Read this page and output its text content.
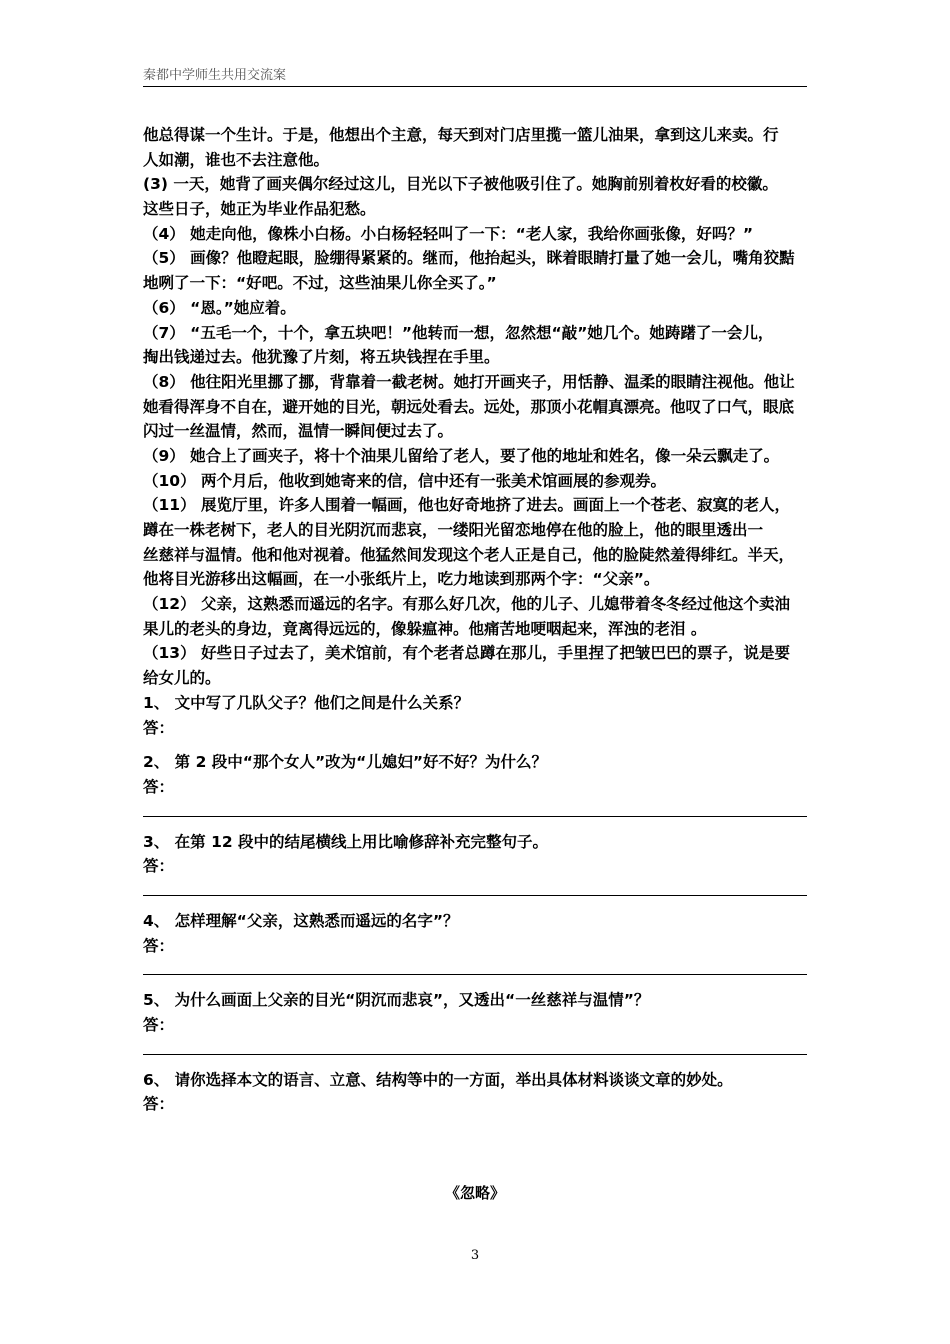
秦都中学师生共用交流案
他总得谋一个生计。于是，他想出个主意，每天到对门店里揽一篮儿油果，拿到这儿来卖。行
人如潮，谁也不去注意他。
(3) 一天，她背了画夹偶尔经过这儿，目光以下子被他吸引住了。她胸前别着枚好看的校徽。
这些日子，她正为毕业作品犯愁。
（4） 她走向他，像株小白杨。小白杨轻轻叫了一下：“老人家，我给你画张像，好吗？”
（5） 画像？他瞪起眼，脸绷得紧紧的。继而，他抬起头，眯着眼睛打量了她一会儿，嘴角狡黠
地咧了一下：“好吧。不过，这些油果儿你全买了。”
（6） “恩。”她应着。
（7） “五毛一个，十个，拿五块吧！”他转而一想，忽然想“敲”她几个。她踌躇了一会儿，
掏出钱递过去。他犹豫了片刻，将五块钱捏在手里。
（8） 他往阳光里挪了挪，背靠着一截老树。她打开画夹子，用恬静、温柔的眼睛注视他。他让
她看得浑身不自在，避开她的目光，朝远处看去。远处，那顶小花帽真漂亮。他叹了口气，眼底
闪过一丝温情，然而，温情一瞬间便过去了。
（9） 她合上了画夹子，将十个油果儿留给了老人，要了他的地址和姓名，像一朵云飘走了。
（10） 两个月后，他收到她寄来的信，信中还有一张美术馆画展的参观券。
（11） 展览厅里，许多人围着一幅画，他也好奇地挤了进去。画面上一个苍老、寂寞的老人，
蹲在一株老树下，老人的目光阴沉而悲哀，一缕阳光留恋地停在他的脸上，他的眼里透出一
丝慈祥与温情。他和他对视着。他猛然间发现这个老人正是自己，他的脸陡然羞得绯红。半天，
他将目光游移出这幅画，在一小张纸片上，吃力地读到那两个字：“父亲”。
（12） 父亲，这熟悉而遥远的名字。有那么好几次，他的儿子、儿媳带着冬冬经过他这个卖油
果儿的老头的身边，竟离得远远的，像躲瘟神。他痛苦地哽咽起来，浑浊的老泪 。
（13） 好些日子过去了，美术馆前，有个老者总蹲在那儿，手里捏了把皱巴巴的票子，说是要
给女儿的。
1、 文中写了几队父子？他们之间是什么关系？
答：
2、 第 2 段中“那个女人”改为“儿媳妇”好不好？为什么？
答：
3、 在第 12 段中的结尾横线上用比喻修辞补充完整句子。
答：
4、 怎样理解“父亲，这熟悉而遥远的名字”？
答：
5、 为什么画面上父亲的目光“阴沉而悲哀”，又透出“一丝慈祥与温情”？
答：
6、 请你选择本文的语言、立意、结构等中的一方面，举出具体材料谈谈文章的妙处。
答：
《忽略》
3
